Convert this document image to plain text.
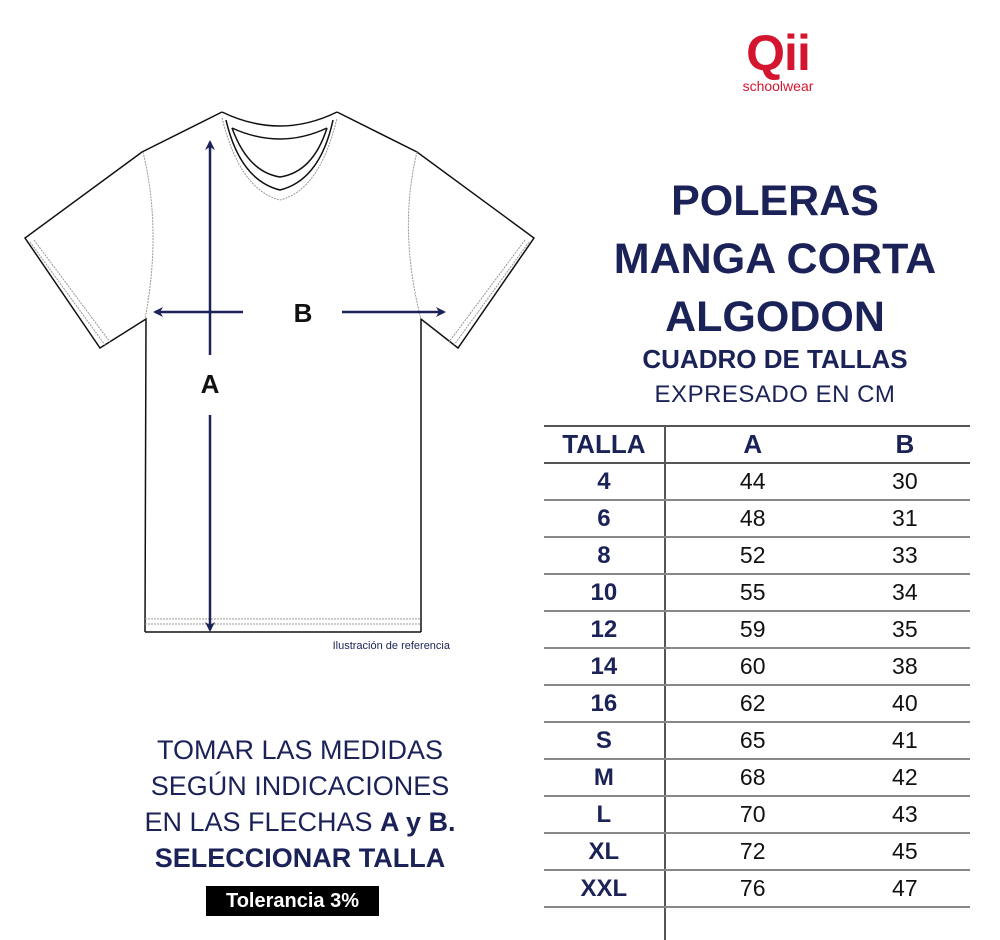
Qii
schoolwear
POLERAS
MANGA CORTA
ALGODON
CUADRO DE TALLAS
EXPRESADO EN CM
TALLA	A	B
4	44	30
6	48	31
8	52	33
10	55	34
12	59	35
14	60	38
16	62	40
S	65	41
M	68	42
L	70	43
XL	72	45
XXL	76	47

A
B
Ilustración de referencia
TOMAR LAS MEDIDAS
SEGÚN INDICACIONES
EN LAS FLECHAS A y B.
SELECCIONAR TALLA
Tolerancia 3%
